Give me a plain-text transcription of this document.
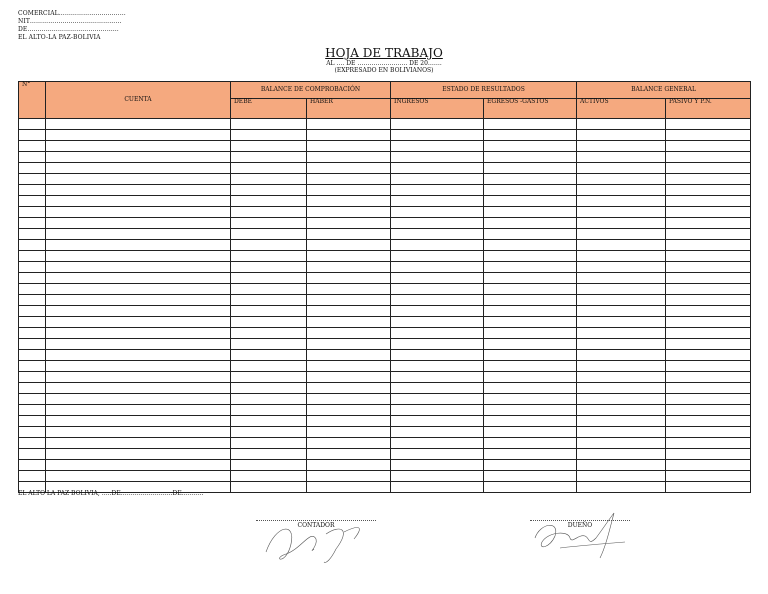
COMERCIAL……………………………
NIT………………………………………
DE………………………………………
EL ALTO-LA PAZ-BOLIVIA
HOJA DE TRABAJO
AL …. DE ……………………. DE 20…….
(EXPRESADO EN BOLIVIANOS)
N°	CUENTA	BALANCE DE COMPROBACIÓN		ESTADO DE RESULTADOS		BALANCE GENERAL	
		DEBE	HABER	INGRESOS	EGRESOS -GASTOS	ACTIVOS	PASIVO Y P.N.

EL ALTO LA PAZ BOLIVIA, …..DE……………………..DE………..
CONTADOR	DUEÑO
